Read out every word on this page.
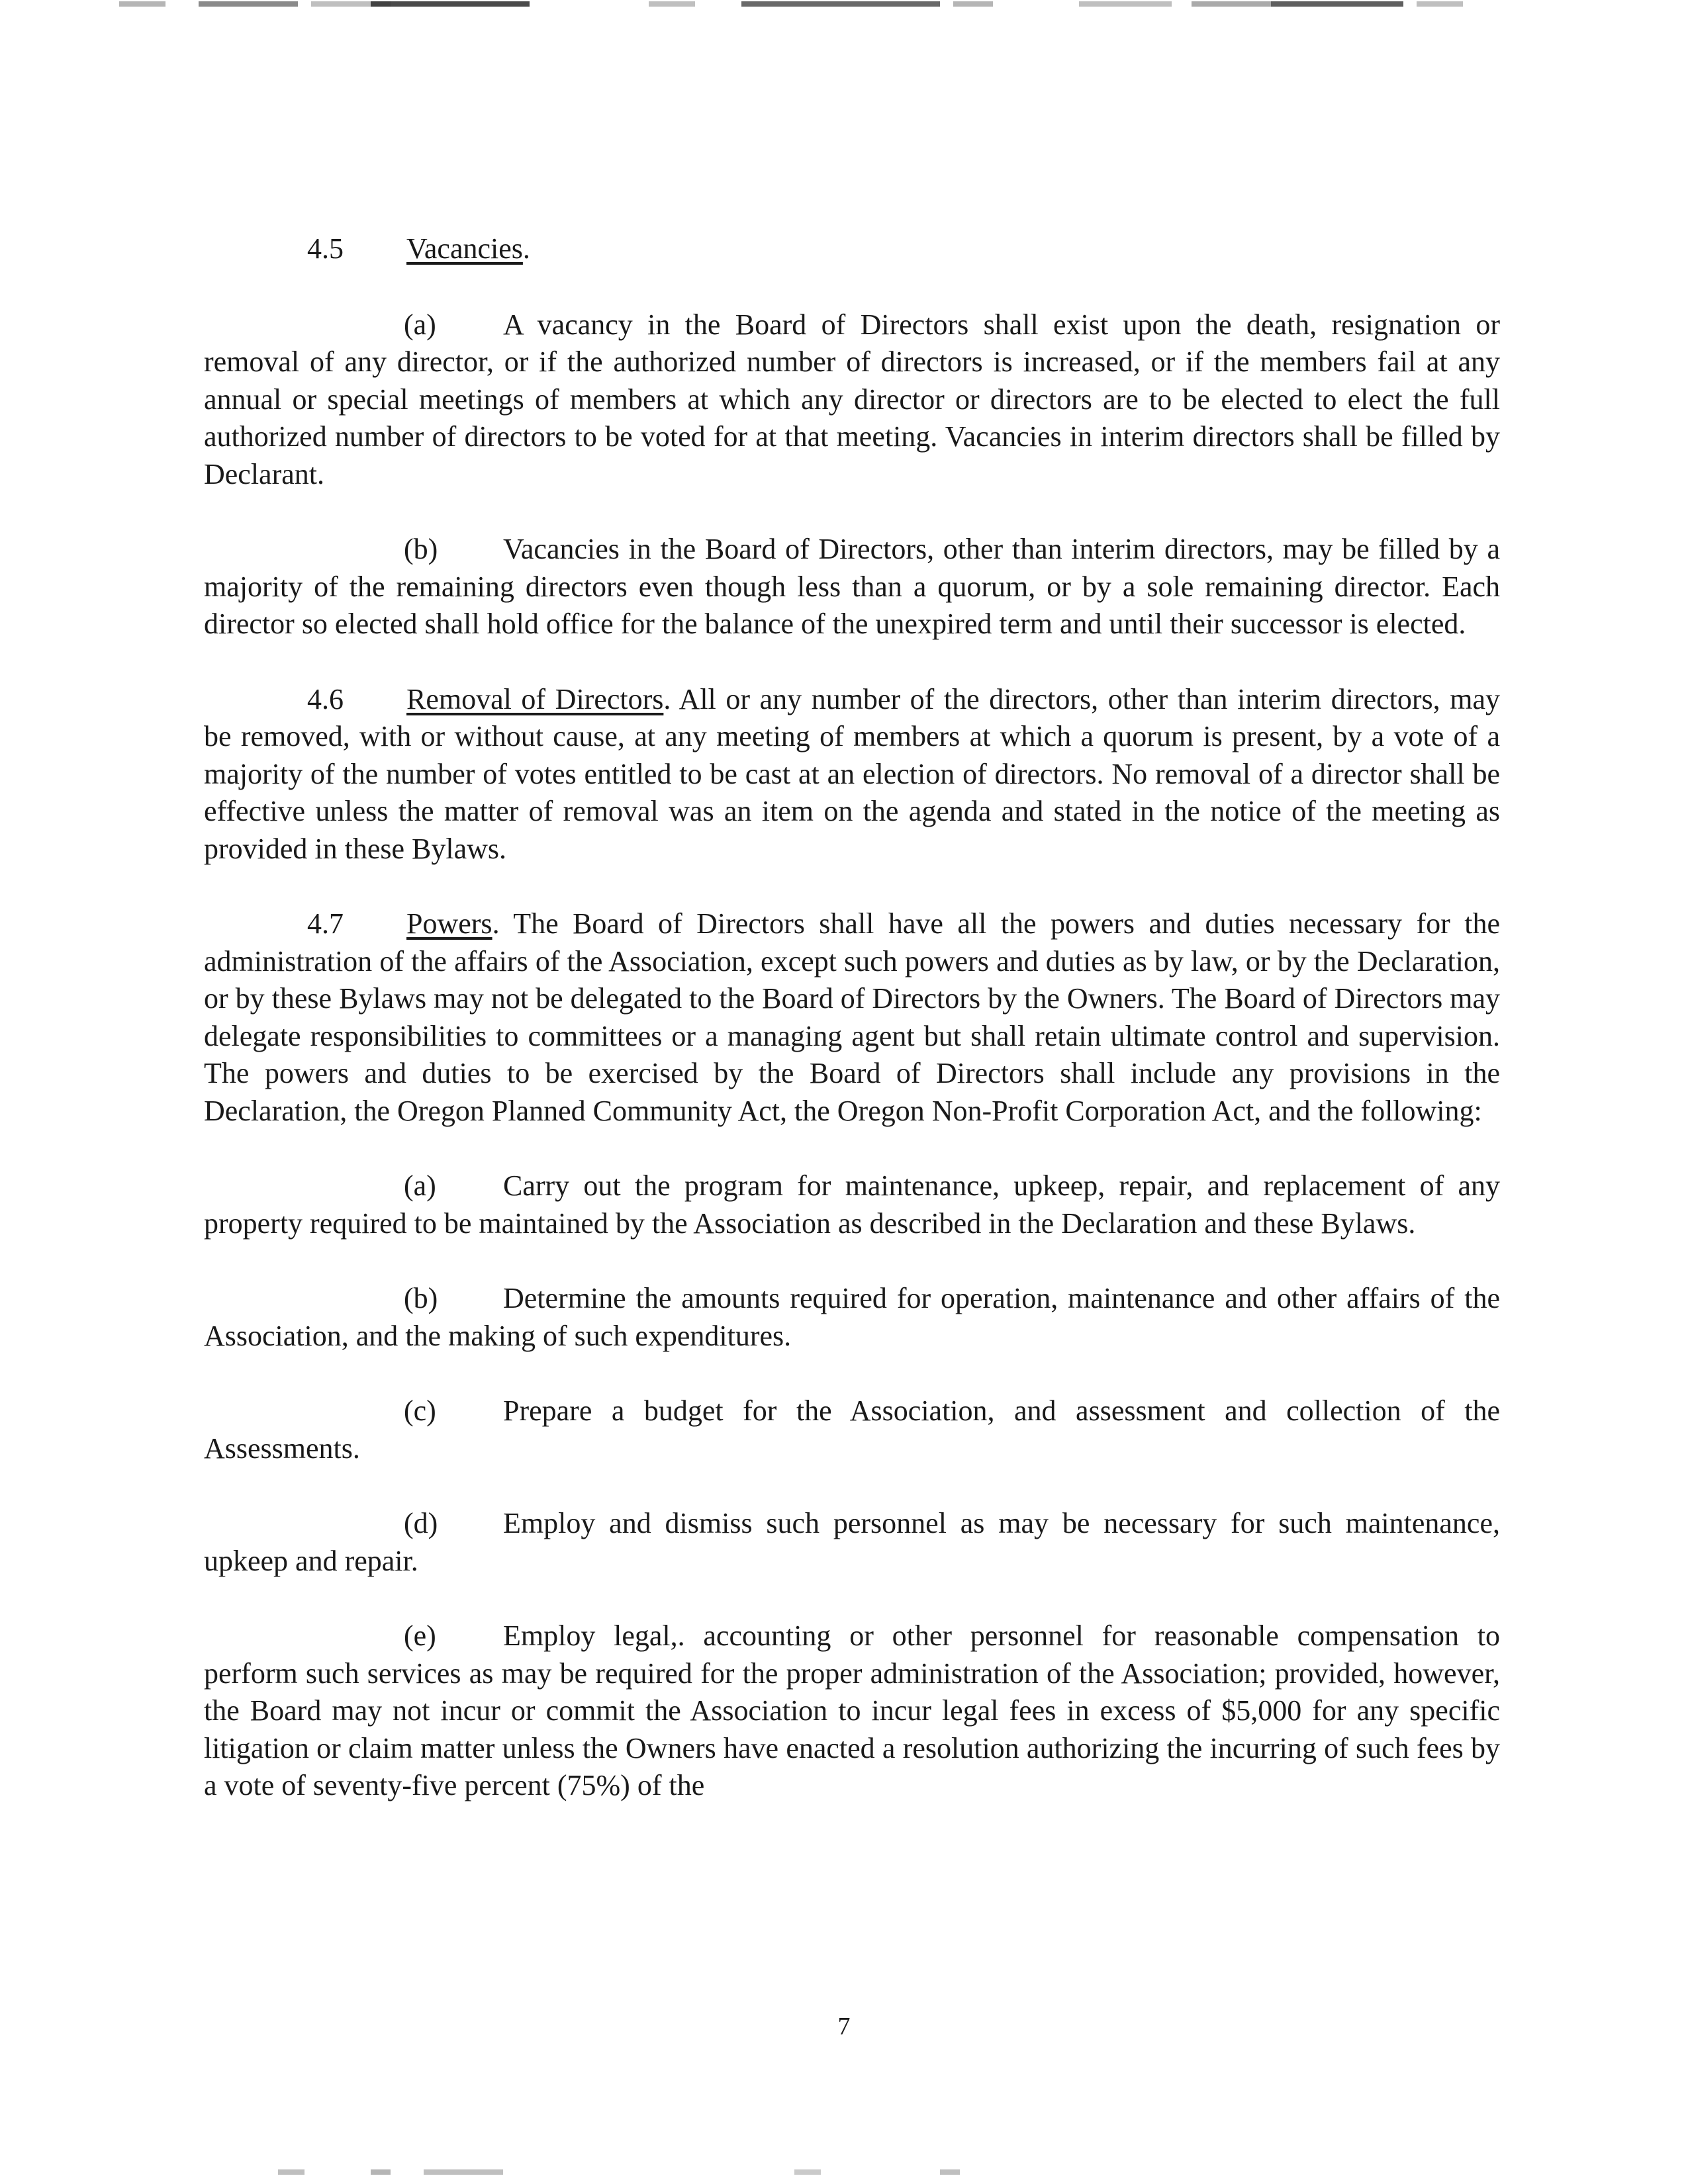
4.5 Vacancies.

(a) A vacancy in the Board of Directors shall exist upon the death, resignation or removal of any director, or if the authorized number of directors is increased, or if the members fail at any annual or special meetings of members at which any director or directors are to be elected to elect the full authorized number of directors to be voted for at that meeting. Vacancies in interim directors shall be filled by Declarant.

(b) Vacancies in the Board of Directors, other than interim directors, may be filled by a majority of the remaining directors even though less than a quorum, or by a sole remaining director. Each director so elected shall hold office for the balance of the unexpired term and until their successor is elected.

4.6 Removal of Directors. All or any number of the directors, other than interim directors, may be removed, with or without cause, at any meeting of members at which a quorum is present, by a vote of a majority of the number of votes entitled to be cast at an election of directors. No removal of a director shall be effective unless the matter of removal was an item on the agenda and stated in the notice of the meeting as provided in these Bylaws.

4.7 Powers. The Board of Directors shall have all the powers and duties necessary for the administration of the affairs of the Association, except such powers and duties as by law, or by the Declaration, or by these Bylaws may not be delegated to the Board of Directors by the Owners. The Board of Directors may delegate responsibilities to committees or a managing agent but shall retain ultimate control and supervision. The powers and duties to be exercised by the Board of Directors shall include any provisions in the Declaration, the Oregon Planned Community Act, the Oregon Non-Profit Corporation Act, and the following:

(a) Carry out the program for maintenance, upkeep, repair, and replacement of any property required to be maintained by the Association as described in the Declaration and these Bylaws.

(b) Determine the amounts required for operation, maintenance and other affairs of the Association, and the making of such expenditures.

(c) Prepare a budget for the Association, and assessment and collection of the Assessments.

(d) Employ and dismiss such personnel as may be necessary for such maintenance, upkeep and repair.

(e) Employ legal,. accounting or other personnel for reasonable compensation to perform such services as may be required for the proper administration of the Association; provided, however, the Board may not incur or commit the Association to incur legal fees in excess of $5,000 for any specific litigation or claim matter unless the Owners have enacted a resolution authorizing the incurring of such fees by a vote of seventy-five percent (75%) of the

7
